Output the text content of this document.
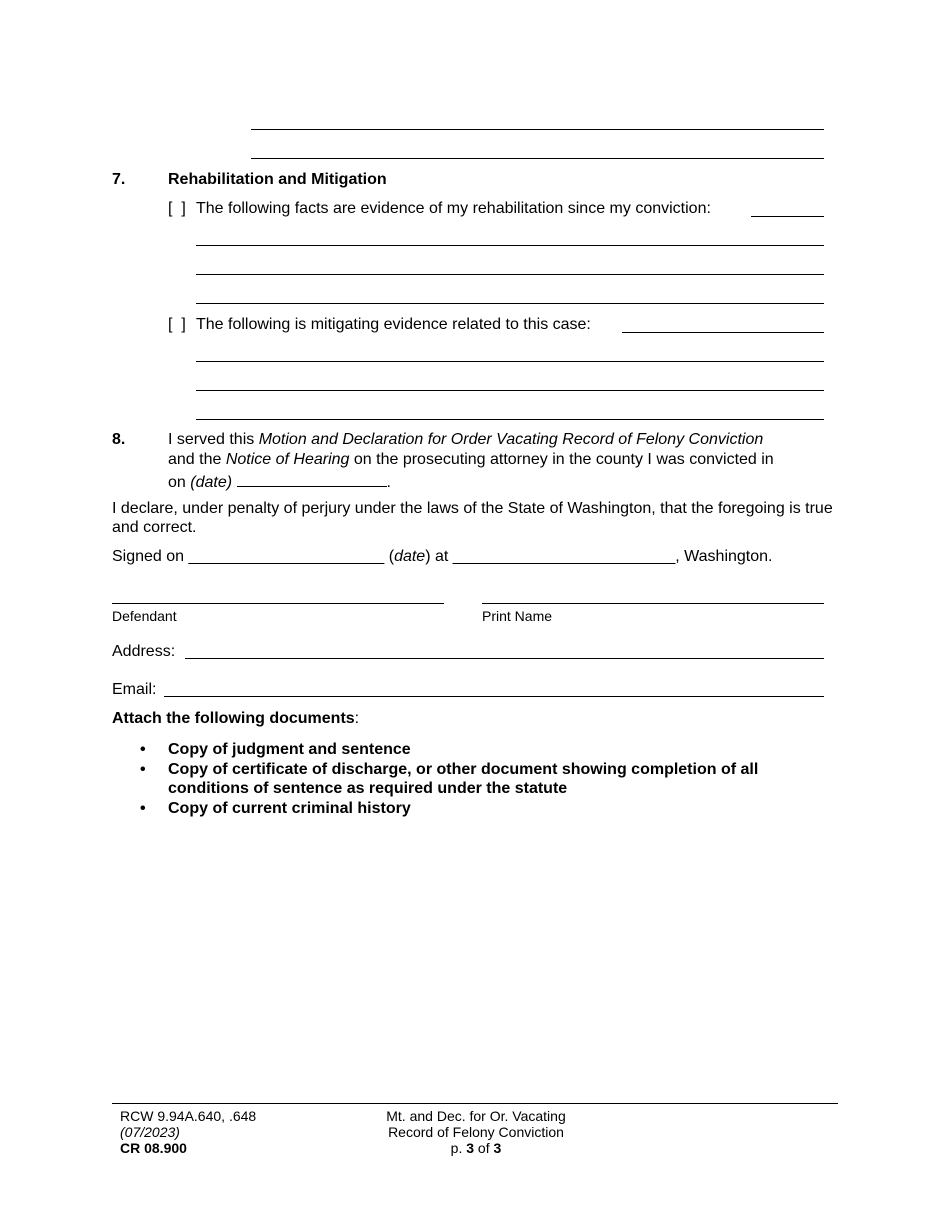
7.	Rehabilitation and Mitigation
[  ] The following facts are evidence of my rehabilitation since my conviction:
[  ] The following is mitigating evidence related to this case:
8.	I served this Motion and Declaration for Order Vacating Record of Felony Conviction
and the Notice of Hearing on the prosecuting attorney in the county I was convicted in
on (date)	.
I declare, under penalty of perjury under the laws of the State of Washington, that the foregoing is true and correct.
Signed on ______________________ (date) at _________________________, Washington.
Defendant	Print Name
Address:
Email:
Attach the following documents:
• Copy of judgment and sentence
• Copy of certificate of discharge, or other document showing completion of all conditions of sentence as required under the statute
• Copy of current criminal history
RCW 9.94A.640, .648
(07/2023)
CR 08.900
Mt. and Dec. for Or. Vacating
Record of Felony Conviction
p. 3 of 3
